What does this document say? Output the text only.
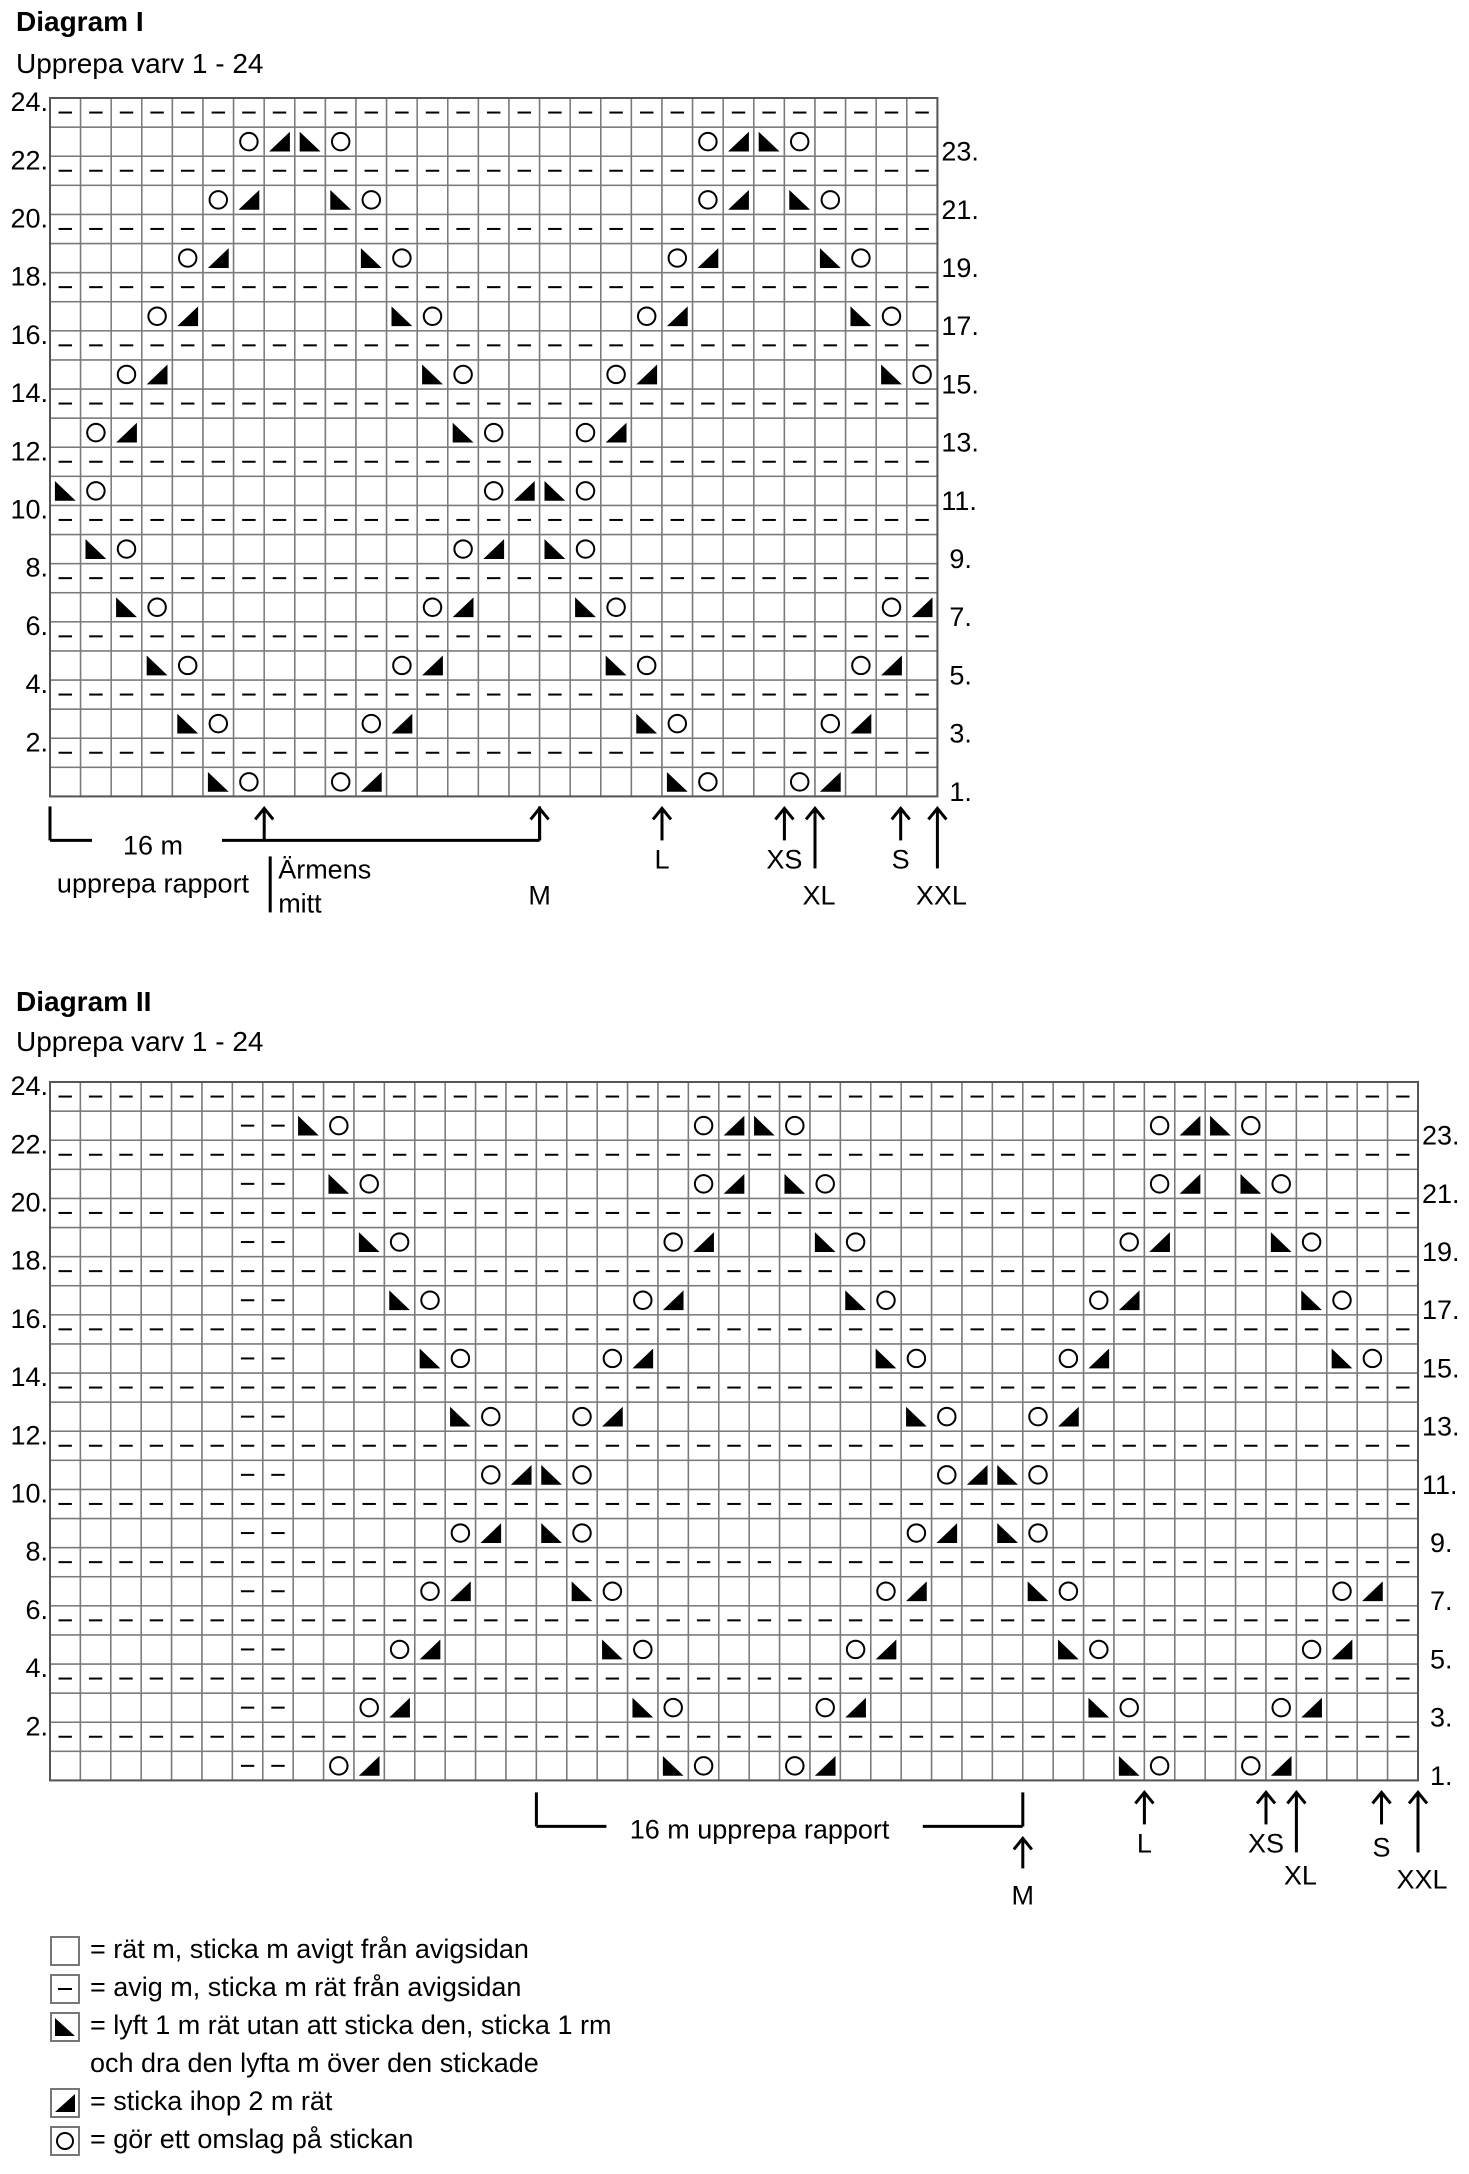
Diagram I
Upprepa varv 1 - 24
24.
22.
20.
18.
16.
14.
12.
10.
8.
6.
4.
2.
23.
21.
19.
17.
15.
13.
11.
9.
7.
5.
3.
1.
16 m
upprepa rapport Ärmens
mitt	M
L	XS
XL
S
XXL
Diagram II
Upprepa varv 1 - 24
24.
22.
20.
18.
16.
14.
12.
10.
8.
6.
4.
2.
23.
21.
19.
17.
15.
13.
11.
9.
7.
5.
3.
1.
16 m upprepa rapport
M
L	XS
XL
S
XXL
= rät m, sticka m avigt från avigsidan
= avig m, sticka m rät från avigsidan
= lyft 1 m rät utan att sticka den, sticka 1 rm
och dra den lyfta m över den stickade
= sticka ihop 2 m rät
= gör ett omslag på stickan
